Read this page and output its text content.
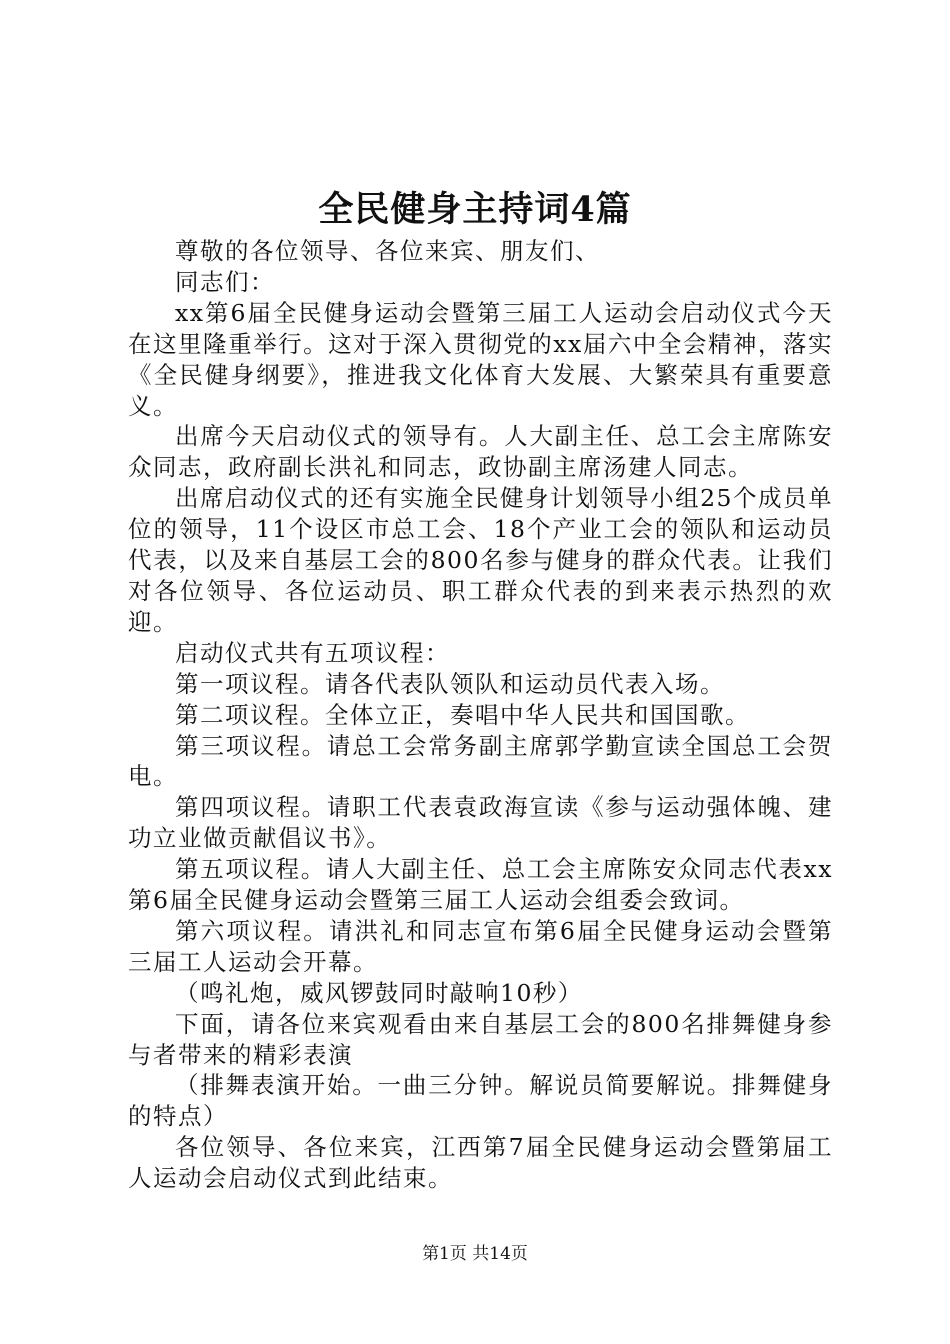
全民健身主持词4篇

尊敬的各位领导、各位来宾、朋友们、

同志们：

xx第6届全民健身运动会暨第三届工人运动会启动仪式今天在这里隆重举行。这对于深入贯彻党的xx届六中全会精神，落实《全民健身纲要》，推进我文化体育大发展、大繁荣具有重要意义。

出席今天启动仪式的领导有。人大副主任、总工会主席陈安众同志，政府副长洪礼和同志，政协副主席汤建人同志。

出席启动仪式的还有实施全民健身计划领导小组25个成员单位的领导，11个设区市总工会、18个产业工会的领队和运动员代表，以及来自基层工会的800名参与健身的群众代表。让我们对各位领导、各位运动员、职工群众代表的到来表示热烈的欢迎。

启动仪式共有五项议程：

第一项议程。请各代表队领队和运动员代表入场。

第二项议程。全体立正，奏唱中华人民共和国国歌。

第三项议程。请总工会常务副主席郭学勤宣读全国总工会贺电。

第四项议程。请职工代表袁政海宣读《参与运动强体魄、建功立业做贡献倡议书》。

第五项议程。请人大副主任、总工会主席陈安众同志代表xx第6届全民健身运动会暨第三届工人运动会组委会致词。

第六项议程。请洪礼和同志宣布第6届全民健身运动会暨第三届工人运动会开幕。

（鸣礼炮，威风锣鼓同时敲响10秒）

下面，请各位来宾观看由来自基层工会的800名排舞健身参与者带来的精彩表演

（排舞表演开始。一曲三分钟。解说员简要解说。排舞健身的特点）

各位领导、各位来宾，江西第7届全民健身运动会暨第届工人运动会启动仪式到此结束。

第1页 共14页
